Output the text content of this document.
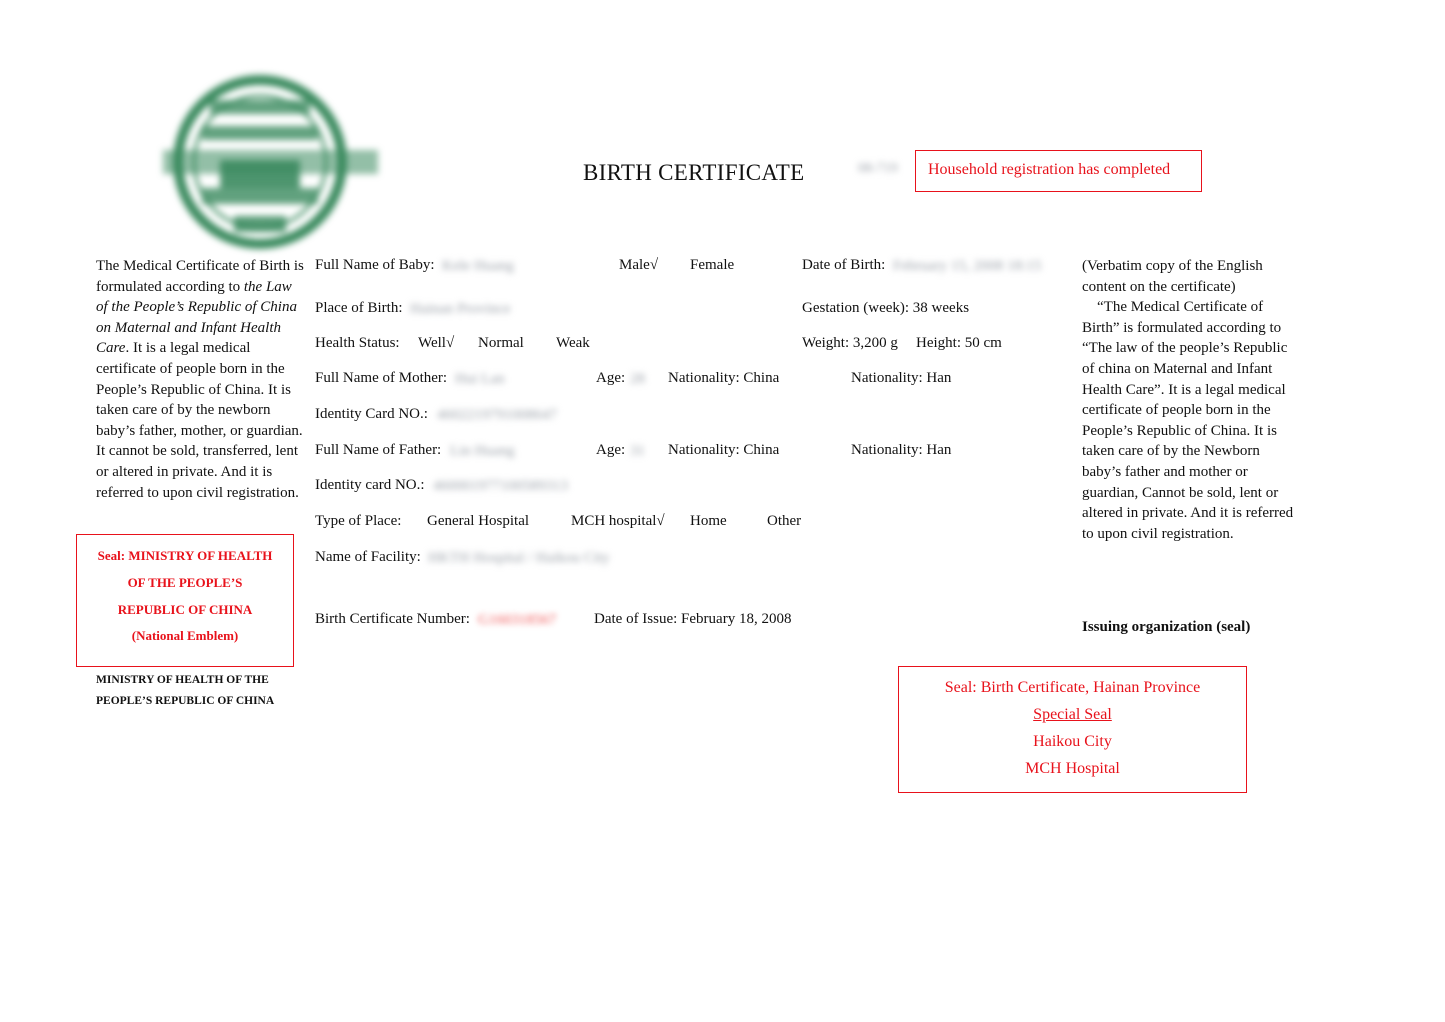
BIRTH CERTIFICATE	08-719	Household registration has completed
The Medical Certificate of Birth is formulated according to the Law of the People’s Republic of China on Maternal and Infant Health Care. It is a legal medical certificate of people born in the People’s Republic of China. It is taken care of by the newborn baby’s father, mother, or guardian. It cannot be sold, transferred, lent or altered in private. And it is referred to upon civil registration.
Seal: MINISTRY OF HEALTH
OF THE PEOPLE’S
REPUBLIC OF CHINA
(National Emblem)
MINISTRY OF HEALTH OF THE
PEOPLE’S REPUBLIC OF CHINA
Full Name of Baby: Kele Huang	Male√ Female	Date of Birth: February 15, 2008 18:15
Place of Birth: Hainan Province	Gestation (week): 38 weeks
Health Status: Well√ Normal Weak	Weight: 3,200 g Height: 50 cm
Full Name of Mother: Hui Lan	Age: 28 Nationality: China	Nationality: Han
Identity Card NO.: 4602219791008647
Full Name of Father: Lin Huang	Age: 31 Nationality: China	Nationality: Han
Identity card NO.: 460001977100589313
Type of Place: General Hospital	MCH hospital√ Home	Other
Name of Facility: HKTH Hospital / Haikou City
Birth Certificate Number: G160318567	Date of Issue: February 18, 2008
(Verbatim copy of the English content on the certificate)
“The Medical Certificate of Birth” is formulated according to “The law of the people’s Republic of china on Maternal and Infant Health Care”. It is a legal medical certificate of people born in the People’s Republic of China. It is taken care of by the Newborn baby’s father and mother or guardian, Cannot be sold, lent or altered in private. And it is referred to upon civil registration.
Issuing organization (seal)
Seal: Birth Certificate, Hainan Province
Special Seal
Haikou City
MCH Hospital
